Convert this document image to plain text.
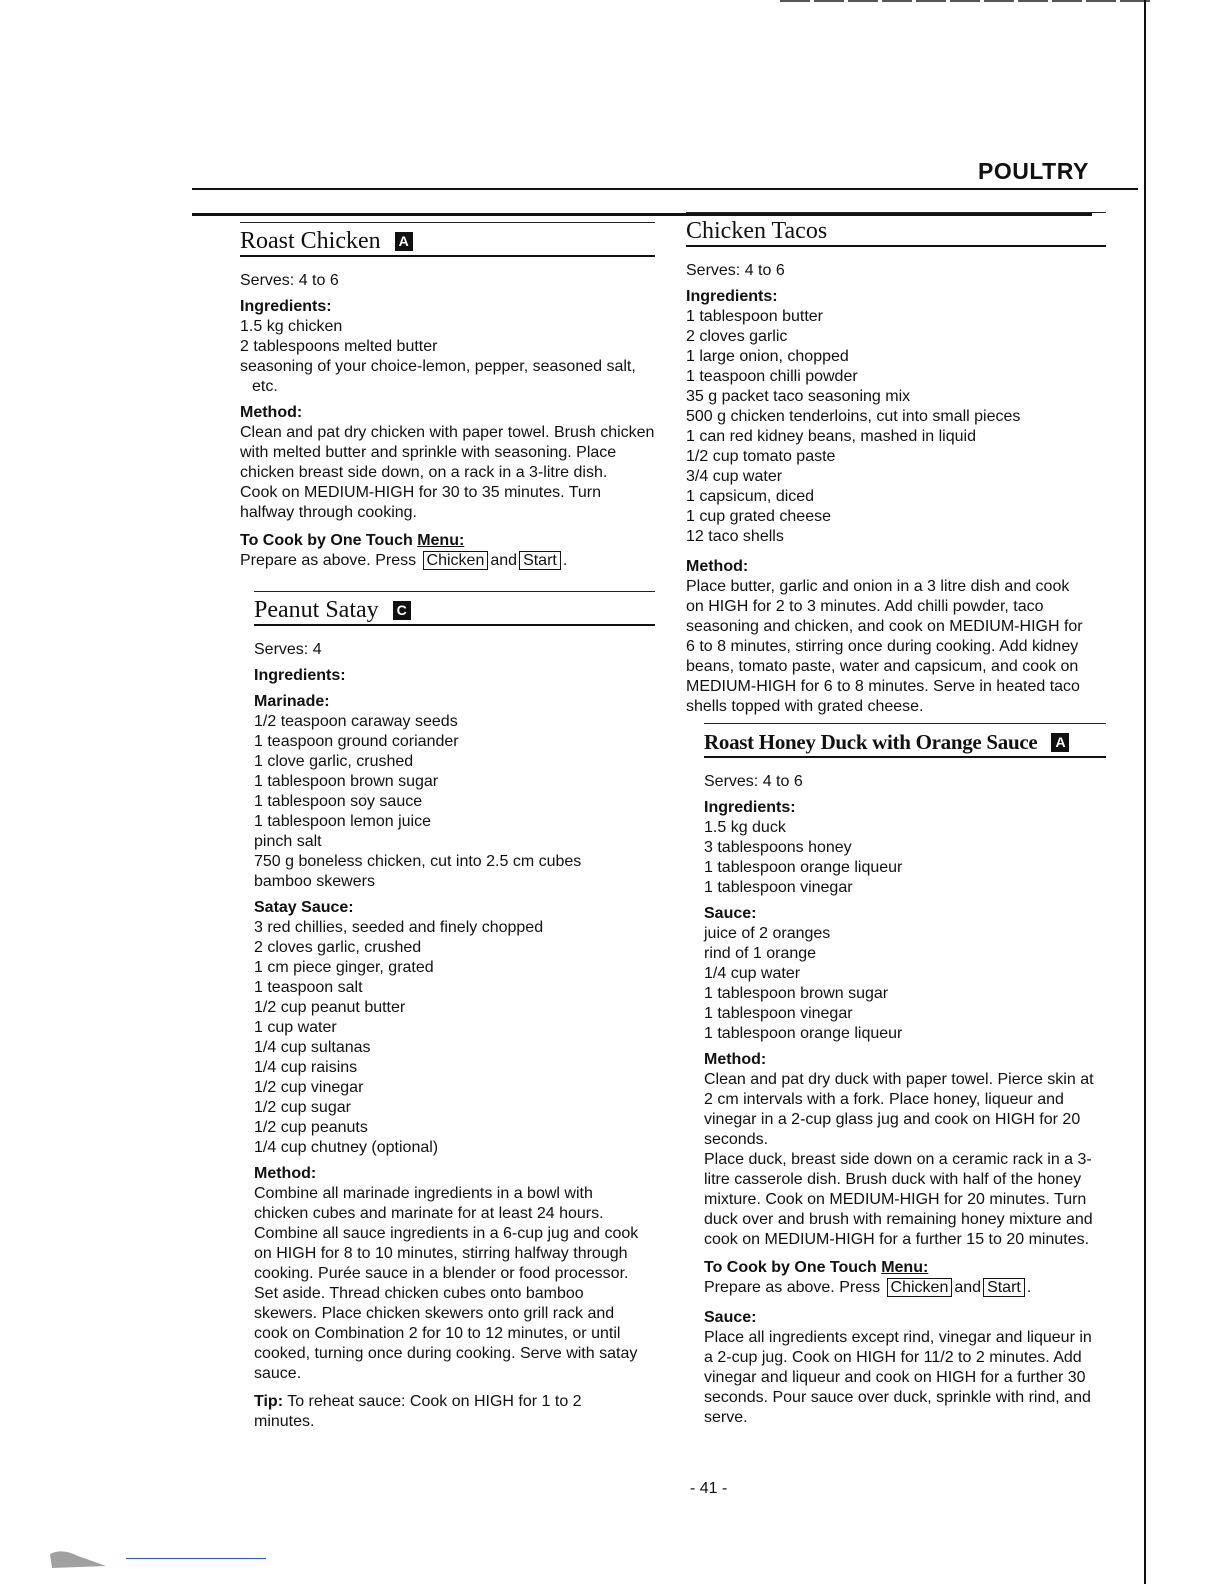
POULTRY
Roast Chicken A
Serves: 4 to 6
Ingredients:
1.5 kg chicken
2 tablespoons melted butter
seasoning of your choice-lemon, pepper, seasoned salt, etc.
Method:

Clean and pat dry chicken with paper towel. Brush chicken with melted butter and sprinkle with seasoning. Place chicken breast side down, on a rack in a 3-litre dish.

Cook on MEDIUM-HIGH for 30 to 35 minutes. Turn halfway through cooking.

To Cook by One Touch Menu:
Prepare as above. Press Chicken and Start .
Peanut Satay C
Serves: 4
Ingredients:
Marinade:
1/2 teaspoon caraway seeds
1 teaspoon ground coriander
1 clove garlic, crushed
1 tablespoon brown sugar
1 tablespoon soy sauce
1 tablespoon lemon juice
pinch salt
750 g boneless chicken, cut into 2.5 cm cubes
bamboo skewers
Satay Sauce:
3 red chillies, seeded and finely chopped
2 cloves garlic, crushed
1 cm piece ginger, grated
1 teaspoon salt
1/2 cup peanut butter
1 cup water
1/4 cup sultanas
1/4 cup raisins
1/2 cup vinegar
1/2 cup sugar
1/2 cup peanuts
1/4 cup chutney (optional)
Method:

Combine all marinade ingredients in a bowl with chicken cubes and marinate for at least 24 hours. Combine all sauce ingredients in a 6-cup jug and cook on HIGH for 8 to 10 minutes, stirring halfway through cooking. Purée sauce in a blender or food processor. Set aside. Thread chicken cubes onto bamboo skewers. Place chicken skewers onto grill rack and cook on Combination 2 for 10 to 12 minutes, or until cooked, turning once during cooking. Serve with satay sauce.

Tip: To reheat sauce: Cook on HIGH for 1 to 2 minutes.
Chicken Tacos
Serves: 4 to 6
Ingredients:
1 tablespoon butter
2 cloves garlic
1 large onion, chopped
1 teaspoon chilli powder
35 g packet taco seasoning mix
500 g chicken tenderloins, cut into small pieces
1 can red kidney beans, mashed in liquid
1/2 cup tomato paste
3/4 cup water
1 capsicum, diced
1 cup grated cheese
12 taco shells
Method:

Place butter, garlic and onion in a 3 litre dish and cook on HIGH for 2 to 3 minutes. Add chilli powder, taco seasoning and chicken, and cook on MEDIUM-HIGH for 6 to 8 minutes, stirring once during cooking. Add kidney beans, tomato paste, water and capsicum, and cook on MEDIUM-HIGH for 6 to 8 minutes. Serve in heated taco shells topped with grated cheese.

Roast Honey Duck with Orange Sauce A
Serves: 4 to 6
Ingredients:
1.5 kg duck
3 tablespoons honey
1 tablespoon orange liqueur
1 tablespoon vinegar
Sauce:
juice of 2 oranges
rind of 1 orange
1/4 cup water
1 tablespoon brown sugar
1 tablespoon vinegar
1 tablespoon orange liqueur
Method:

Clean and pat dry duck with paper towel. Pierce skin at 2 cm intervals with a fork. Place honey, liqueur and vinegar in a 2-cup glass jug and cook on HIGH for 20 seconds.

Place duck, breast side down on a ceramic rack in a 3-litre casserole dish. Brush duck with half of the honey mixture. Cook on MEDIUM-HIGH for 20 minutes. Turn duck over and brush with remaining honey mixture and cook on MEDIUM-HIGH for a further 15 to 20 minutes.

To Cook by One Touch Menu:
Prepare as above. Press Chicken and Start .
Sauce:

Place all ingredients except rind, vinegar and liqueur in a 2-cup jug. Cook on HIGH for 11/2 to 2 minutes. Add vinegar and liqueur and cook on HIGH for a further 30 seconds. Pour sauce over duck, sprinkle with rind, and serve.

- 41 -
